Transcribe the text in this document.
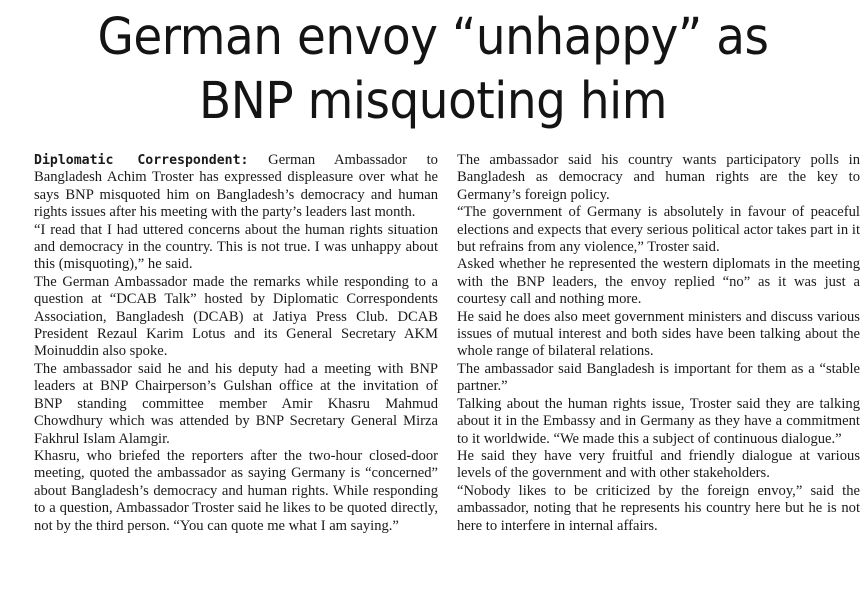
German envoy “unhappy” as
BNP misquoting him

Diplomatic Correspondent: German Ambassador to Bangladesh Achim Troster has expressed displeasure over what he says BNP misquoted him on Bangladesh’s democracy and human rights issues after his meeting with the party’s leaders last month.

“I read that I had uttered concerns about the human rights situation and democracy in the country. This is not true. I was unhappy about this (misquoting),” he said.

The German Ambassador made the remarks while responding to a question at “DCAB Talk” hosted by Diplomatic Correspondents Association, Bangladesh (DCAB) at Jatiya Press Club. DCAB President Rezaul Karim Lotus and its General Secretary AKM Moinuddin also spoke.

The ambassador said he and his deputy had a meeting with BNP leaders at BNP Chairperson’s Gulshan office at the invitation of BNP standing committee member Amir Khasru Mahmud Chowdhury which was attended by BNP Secretary General Mirza Fakhrul Islam Alamgir.

Khasru, who briefed the reporters after the two-hour closed-door meeting, quoted the ambassador as saying Germany is “concerned” about Bangladesh’s democracy and human rights. While responding to a question, Ambassador Troster said he likes to be quoted directly, not by the third person. “You can quote me what I am saying.”

The ambassador said his country wants participatory polls in Bangladesh as democracy and human rights are the key to Germany’s foreign policy.

“The government of Germany is absolutely in favour of peaceful elections and expects that every serious political actor takes part in it but refrains from any violence,” Troster said.

Asked whether he represented the western diplomats in the meeting with the BNP leaders, the envoy replied “no” as it was just a courtesy call and nothing more.

He said he does also meet government ministers and discuss various issues of mutual interest and both sides have been talking about the whole range of bilateral relations.

The ambassador said Bangladesh is important for them as a “stable partner.”

Talking about the human rights issue, Troster said they are talking about it in the Embassy and in Germany as they have a commitment to it worldwide. “We made this a subject of continuous dialogue.”

He said they have very fruitful and friendly dialogue at various levels of the government and with other stakeholders.

“Nobody likes to be criticized by the foreign envoy,” said the ambassador, noting that he represents his country here but he is not here to interfere in internal affairs.
